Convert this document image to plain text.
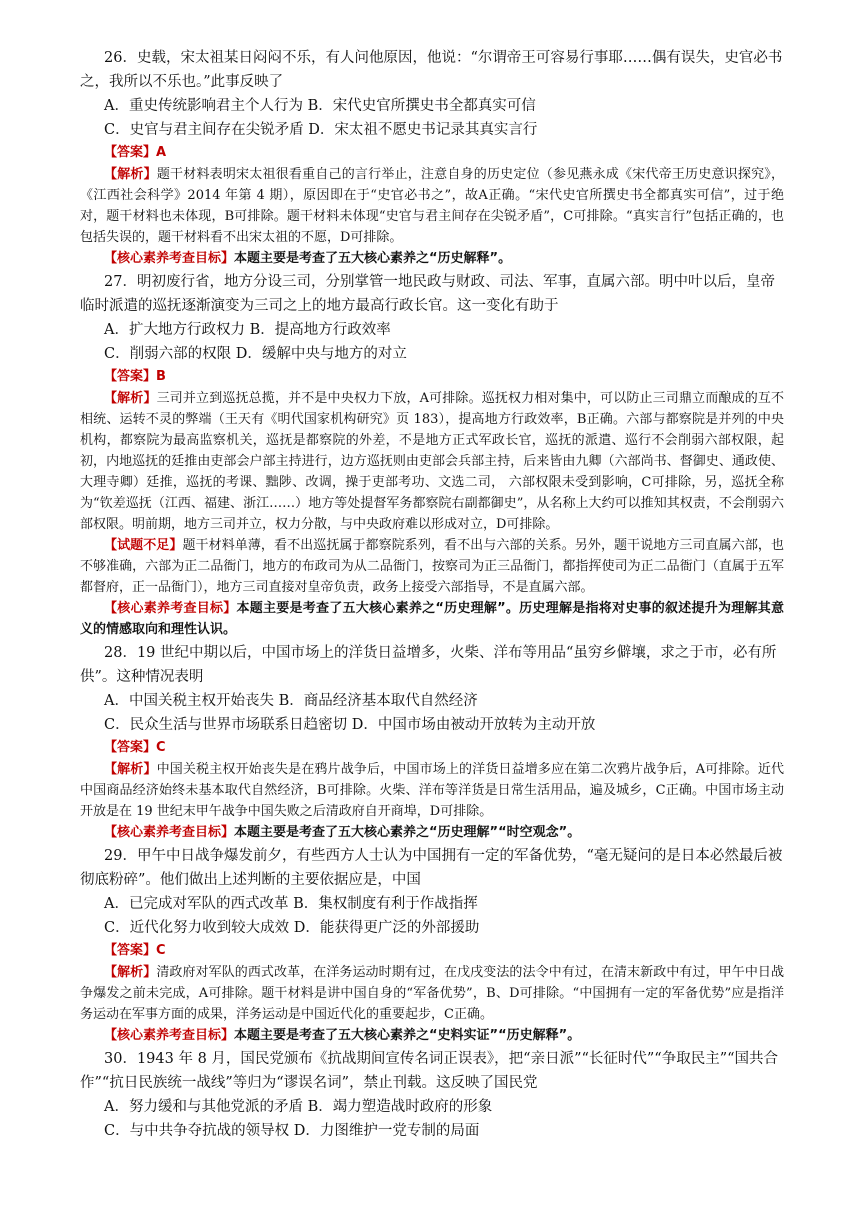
26．史载，宋太祖某日闷闷不乐，有人问他原因，他说：“尔谓帝王可容易行事耶……偶有误失，史官必书之，我所以不乐也。”此事反映了

A．重史传统影响君主个人行为 B．宋代史官所撰史书全都真实可信
C．史官与君主间存在尖锐矛盾 D．宋太祖不愿史书记录其真实言行

【答案】A

【解析】题干材料表明宋太祖很看重自己的言行举止，注意自身的历史定位（参见燕永成《宋代帝王历史意识探究》，《江西社会科学》2014 年第 4 期），原因即在于“史官必书之”，故A正确。“宋代史官所撰史书全都真实可信”，过于绝对，题干材料也未体现，B可排除。题干材料未体现“史官与君主间存在尖锐矛盾”，C可排除。“真实言行”包括正确的，也包括失误的，题干材料看不出宋太祖的不愿，D可排除。

【核心素养考查目标】本题主要是考查了五大核心素养之“历史解释”。

27．明初废行省，地方分设三司，分别掌管一地民政与财政、司法、军事，直属六部。明中叶以后，皇帝临时派遣的巡抚逐渐演变为三司之上的地方最高行政长官。这一变化有助于

A．扩大地方行政权力 B．提高地方行政效率
C．削弱六部的权限 D．缓解中央与地方的对立

【答案】B

【解析】三司并立到巡抚总揽，并不是中央权力下放，A可排除。巡抚权力相对集中，可以防止三司鼎立而酿成的互不相统、运转不灵的弊端（王天有《明代国家机构研究》页 183），提高地方行政效率，B正确。六部与都察院是并列的中央机构，都察院为最高监察机关，巡抚是都察院的外差，不是地方正式军政长官，巡抚的派遣、巡行不会削弱六部权限，起初，内地巡抚的廷推由吏部会户部主持进行，边方巡抚则由吏部会兵部主持，后来皆由九卿（六部尚书、督御史、通政使、大理寺卿）廷推，巡抚的考课、黜陟、改调，操于吏部考功、文选二司， 六部权限未受到影响，C可排除，另，巡抚全称为“钦差巡抚（江西、福建、浙江……）地方等处提督军务都察院右副都御史”，从名称上大约可以推知其权责，不会削弱六部权限。明前期，地方三司并立，权力分散，与中央政府难以形成对立，D可排除。

【试题不足】题干材料单薄，看不出巡抚属于都察院系列，看不出与六部的关系。另外，题干说地方三司直属六部，也不够准确，六部为正二品衙门，地方的布政司为从二品衙门，按察司为正三品衙门，都指挥使司为正二品衙门（直属于五军都督府，正一品衙门），地方三司直接对皇帝负责，政务上接受六部指导，不是直属六部。

【核心素养考查目标】本题主要是考查了五大核心素养之“历史理解”。历史理解是指将对史事的叙述提升为理解其意义的情感取向和理性认识。

28．19 世纪中期以后，中国市场上的洋货日益增多，火柴、洋布等用品“虽穷乡僻壤，求之于市，必有所供”。这种情况表明

A．中国关税主权开始丧失 B．商品经济基本取代自然经济
C．民众生活与世界市场联系日趋密切 D．中国市场由被动开放转为主动开放

【答案】C

【解析】中国关税主权开始丧失是在鸦片战争后，中国市场上的洋货日益增多应在第二次鸦片战争后，A可排除。近代中国商品经济始终未基本取代自然经济，B可排除。火柴、洋布等洋货是日常生活用品，遍及城乡，C正确。中国市场主动开放是在 19 世纪末甲午战争中国失败之后清政府自开商埠，D可排除。

【核心素养考查目标】本题主要是考查了五大核心素养之“历史理解”“时空观念”。

29．甲午中日战争爆发前夕，有些西方人士认为中国拥有一定的军备优势，“毫无疑问的是日本必然最后被彻底粉碎”。他们做出上述判断的主要依据应是，中国

A．已完成对军队的西式改革 B．集权制度有利于作战指挥
C．近代化努力收到较大成效 D．能获得更广泛的外部援助

【答案】C

【解析】清政府对军队的西式改革，在洋务运动时期有过，在戊戌变法的法令中有过，在清末新政中有过，甲午中日战争爆发之前未完成，A可排除。题干材料是讲中国自身的“军备优势”，B、D可排除。“中国拥有一定的军备优势”应是指洋务运动在军事方面的成果，洋务运动是中国近代化的重要起步，C正确。

【核心素养考查目标】本题主要是考查了五大核心素养之“史料实证”“历史解释”。

30．1943 年 8 月，国民党颁布《抗战期间宣传名词正误表》，把“亲日派”“长征时代”“争取民主”“国共合作”“抗日民族统一战线”等归为“谬误名词”，禁止刊载。这反映了国民党

A．努力缓和与其他党派的矛盾 B．竭力塑造战时政府的形象
C．与中共争夺抗战的领导权 D．力图维护一党专制的局面
